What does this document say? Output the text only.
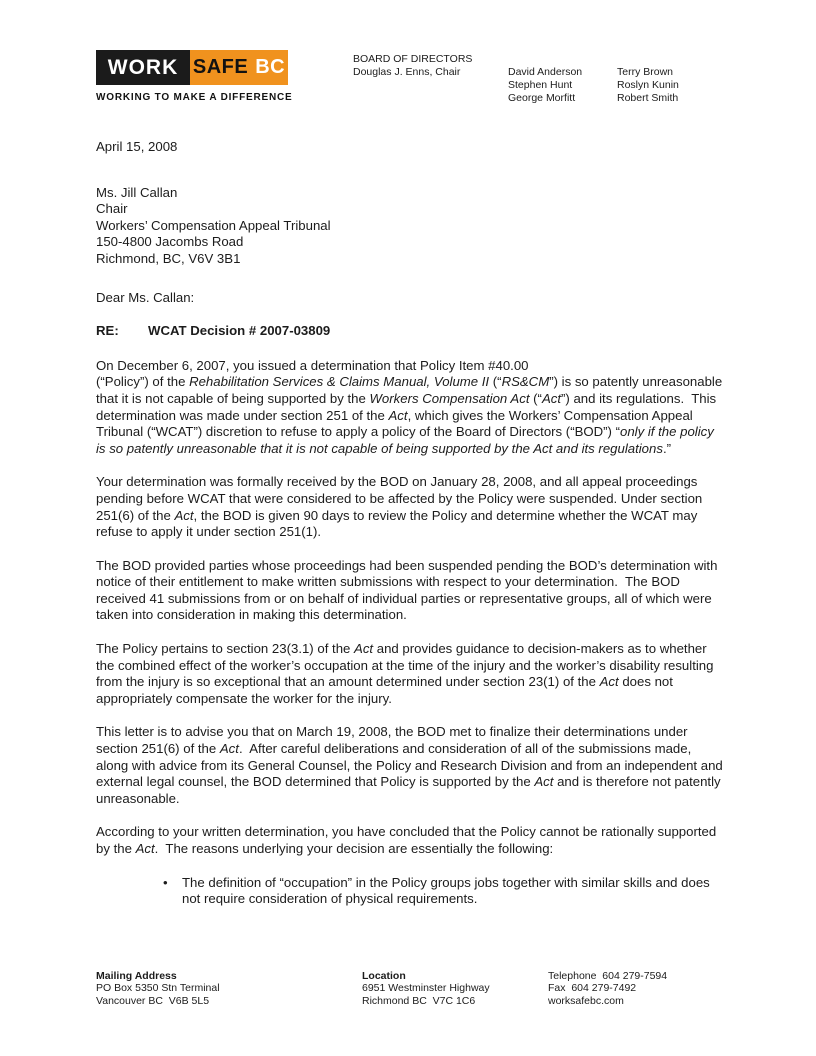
WORK SAFE BC
WORKING TO MAKE A DIFFERENCE
BOARD OF DIRECTORS
Douglas J. Enns, Chair	David Anderson
Stephen Hunt
George Morfitt
Terry Brown
Roslyn Kunin
Robert Smith
April 15, 2008
Ms. Jill Callan
Chair
Workers’ Compensation Appeal Tribunal
150-4800 Jacombs Road
Richmond, BC, V6V 3B1
Dear Ms. Callan:
RE: WCAT Decision # 2007-03809

On December 6, 2007, you issued a determination that Policy Item #40.00
(“Policy”) of the Rehabilitation Services & Claims Manual, Volume II (“RS&CM”) is so patently unreasonable that it is not capable of being supported by the Workers Compensation Act (“Act”) and its regulations.  This determination was made under section 251 of the Act, which gives the Workers’ Compensation Appeal Tribunal (“WCAT”) discretion to refuse to apply a policy of the Board of Directors (“BOD”) “only if the policy is so patently unreasonable that it is not capable of being supported by the Act and its regulations.”

Your determination was formally received by the BOD on January 28, 2008, and all appeal proceedings pending before WCAT that were considered to be affected by the Policy were suspended. Under section 251(6) of the Act, the BOD is given 90 days to review the Policy and determine whether the WCAT may refuse to apply it under section 251(1).

The BOD provided parties whose proceedings had been suspended pending the BOD’s determination with notice of their entitlement to make written submissions with respect to your determination.  The BOD received 41 submissions from or on behalf of individual parties or representative groups, all of which were taken into consideration in making this determination.

The Policy pertains to section 23(3.1) of the Act and provides guidance to decision-makers as to whether the combined effect of the worker’s occupation at the time of the injury and the worker’s disability resulting from the injury is so exceptional that an amount determined under section 23(1) of the Act does not appropriately compensate the worker for the injury.

This letter is to advise you that on March 19, 2008, the BOD met to finalize their determinations under section 251(6) of the Act.  After careful deliberations and consideration of all of the submissions made, along with advice from its General Counsel, the Policy and Research Division and from an independent and external legal counsel, the BOD determined that Policy is supported by the Act and is therefore not patently unreasonable.

According to your written determination, you have concluded that the Policy cannot be rationally supported by the Act.  The reasons underlying your decision are essentially the following:

•	The definition of “occupation” in the Policy groups jobs together with similar skills and does not require consideration of physical requirements.
Mailing Address
PO Box 5350 Stn Terminal
Vancouver BC  V6B 5L5
Location
6951 Westminster Highway
Richmond BC  V7C 1C6
Telephone  604 279-7594
Fax  604 279-7492
worksafebc.com
